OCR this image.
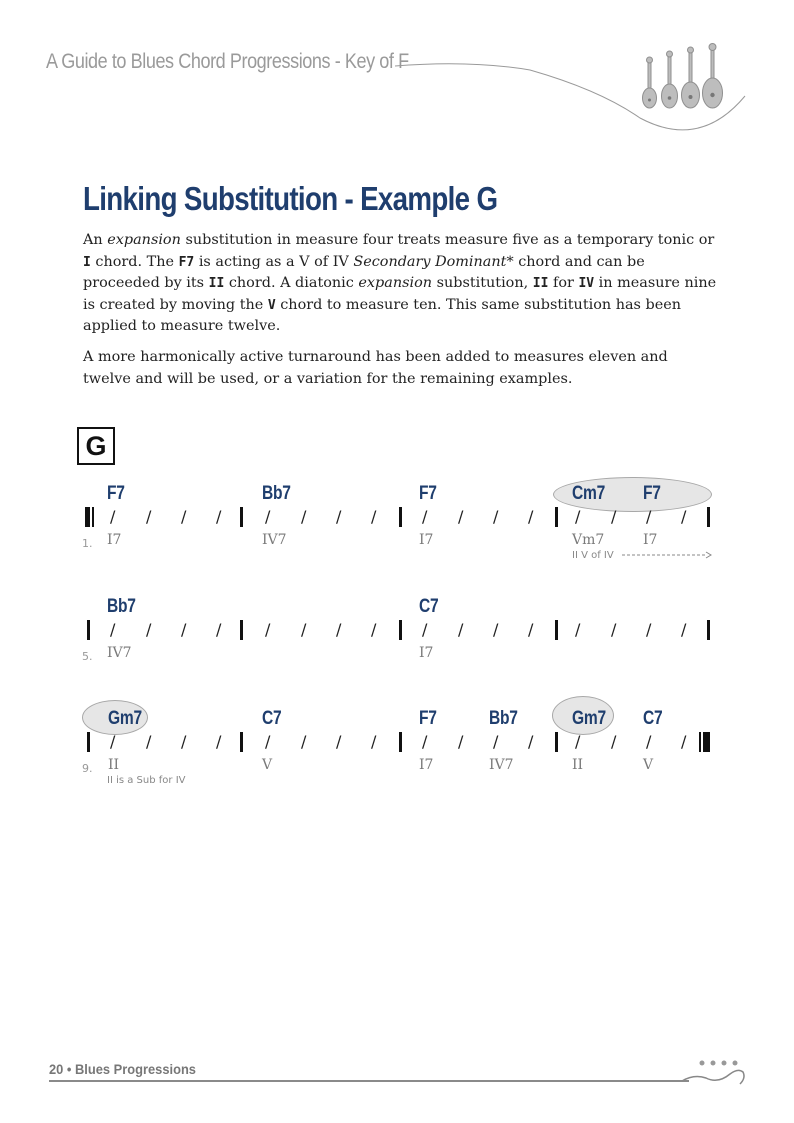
A Guide to Blues Chord Progressions - Key of F
Linking Substitution - Example G
An expansion substitution in measure four treats measure five as a temporary tonic or I chord. The F7 is acting as a V of IV Secondary Dominant* chord and can be proceeded by its II chord. A diatonic expansion substitution, II for IV in measure nine is created by moving the V chord to measure ten. This same substitution has been applied to measure twelve.
A more harmonically active turnaround has been added to measures eleven and twelve and will be used, or a variation for the remaining examples.
G
F7	Bb7	F7	Cm7 F7
/ / / /	/ / / /	/ / / /	/ / / /
1. I7	IV7	I7	Vm7	I7
II V of IV
Bb7	C7
/ / / /	/ / / /	/ / / /	/ / / /
5. IV7	I7
Gm7	C7	F7	Bb7	Gm7 C7
/ / / /	/ / / /	/ / / /	/ / / /
9. II	V	I7	IV7	II	V
II is a Sub for IV
20 • Blues Progressions
